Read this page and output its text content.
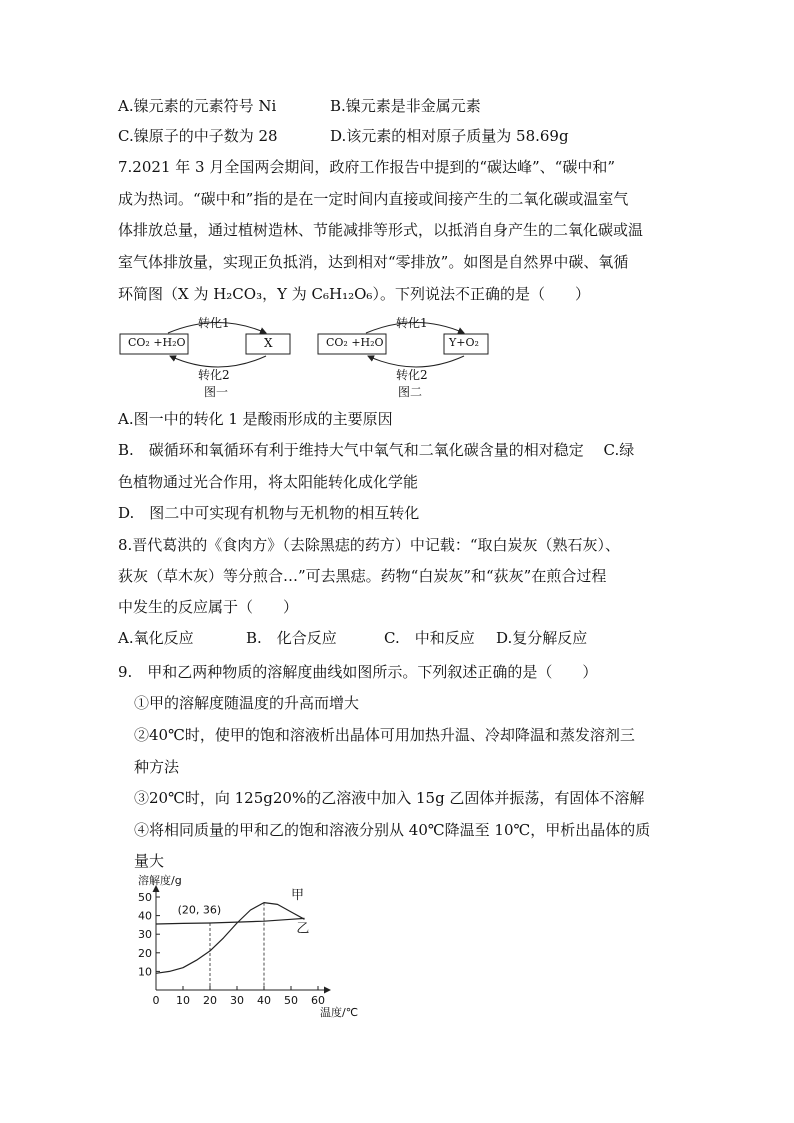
A.镍元素的元素符号 Ni	B.镍元素是非金属元素
C.镍原子的中子数为 28	D.该元素的相对原子质量为 58.69g
7.2021 年 3 月全国两会期间，政府工作报告中提到的“碳达峰”、“碳中和”
成为热词。“碳中和”指的是在一定时间内直接或间接产生的二氧化碳或温室气
体排放总量，通过植树造林、节能减排等形式，以抵消自身产生的二氧化碳或温
室气体排放量，实现正负抵消，达到相对“零排放”。如图是自然界中碳、氧循
环简图（X 为 H₂CO₃，Y 为 C₆H₁₂O₆）。下列说法不正确的是（　　）
CO₂ +H₂O	X
转化1
转化2
图一
CO₂ +H₂O	Y+O₂
转化1
转化2
图二
A.图一中的转化 1 是酸雨形成的主要原因
B.　碳循环和氧循环有利于维持大气中氧气和二氧化碳含量的相对稳定　 C.绿
色植物通过光合作用，将太阳能转化成化学能
D.　图二中可实现有机物与无机物的相互转化
8.晋代葛洪的《食肉方》（去除黑痣的药方）中记载：“取白炭灰（熟石灰）、
荻灰（草木灰）等分煎合…”可去黑痣。药物“白炭灰”和“荻灰”在煎合过程
中发生的反应属于（　　）
A.氧化反应	B.　化合反应	C.　中和反应 D.复分解反应
9.　甲和乙两种物质的溶解度曲线如图所示。下列叙述正确的是（　　）
①甲的溶解度随温度的升高而增大
②40℃时，使甲的饱和溶液析出晶体可用加热升温、冷却降温和蒸发溶剂三
种方法
③20℃时，向 125g20%的乙溶液中加入 15g 乙固体并振荡，有固体不溶解
④将相同质量的甲和乙的饱和溶液分别从 40℃降温至 10℃，甲析出晶体的质
量大
10
20
30
40
50
0 10 20 30 40 50 60
溶解度/g
温度/℃
甲
乙
(20, 36)
